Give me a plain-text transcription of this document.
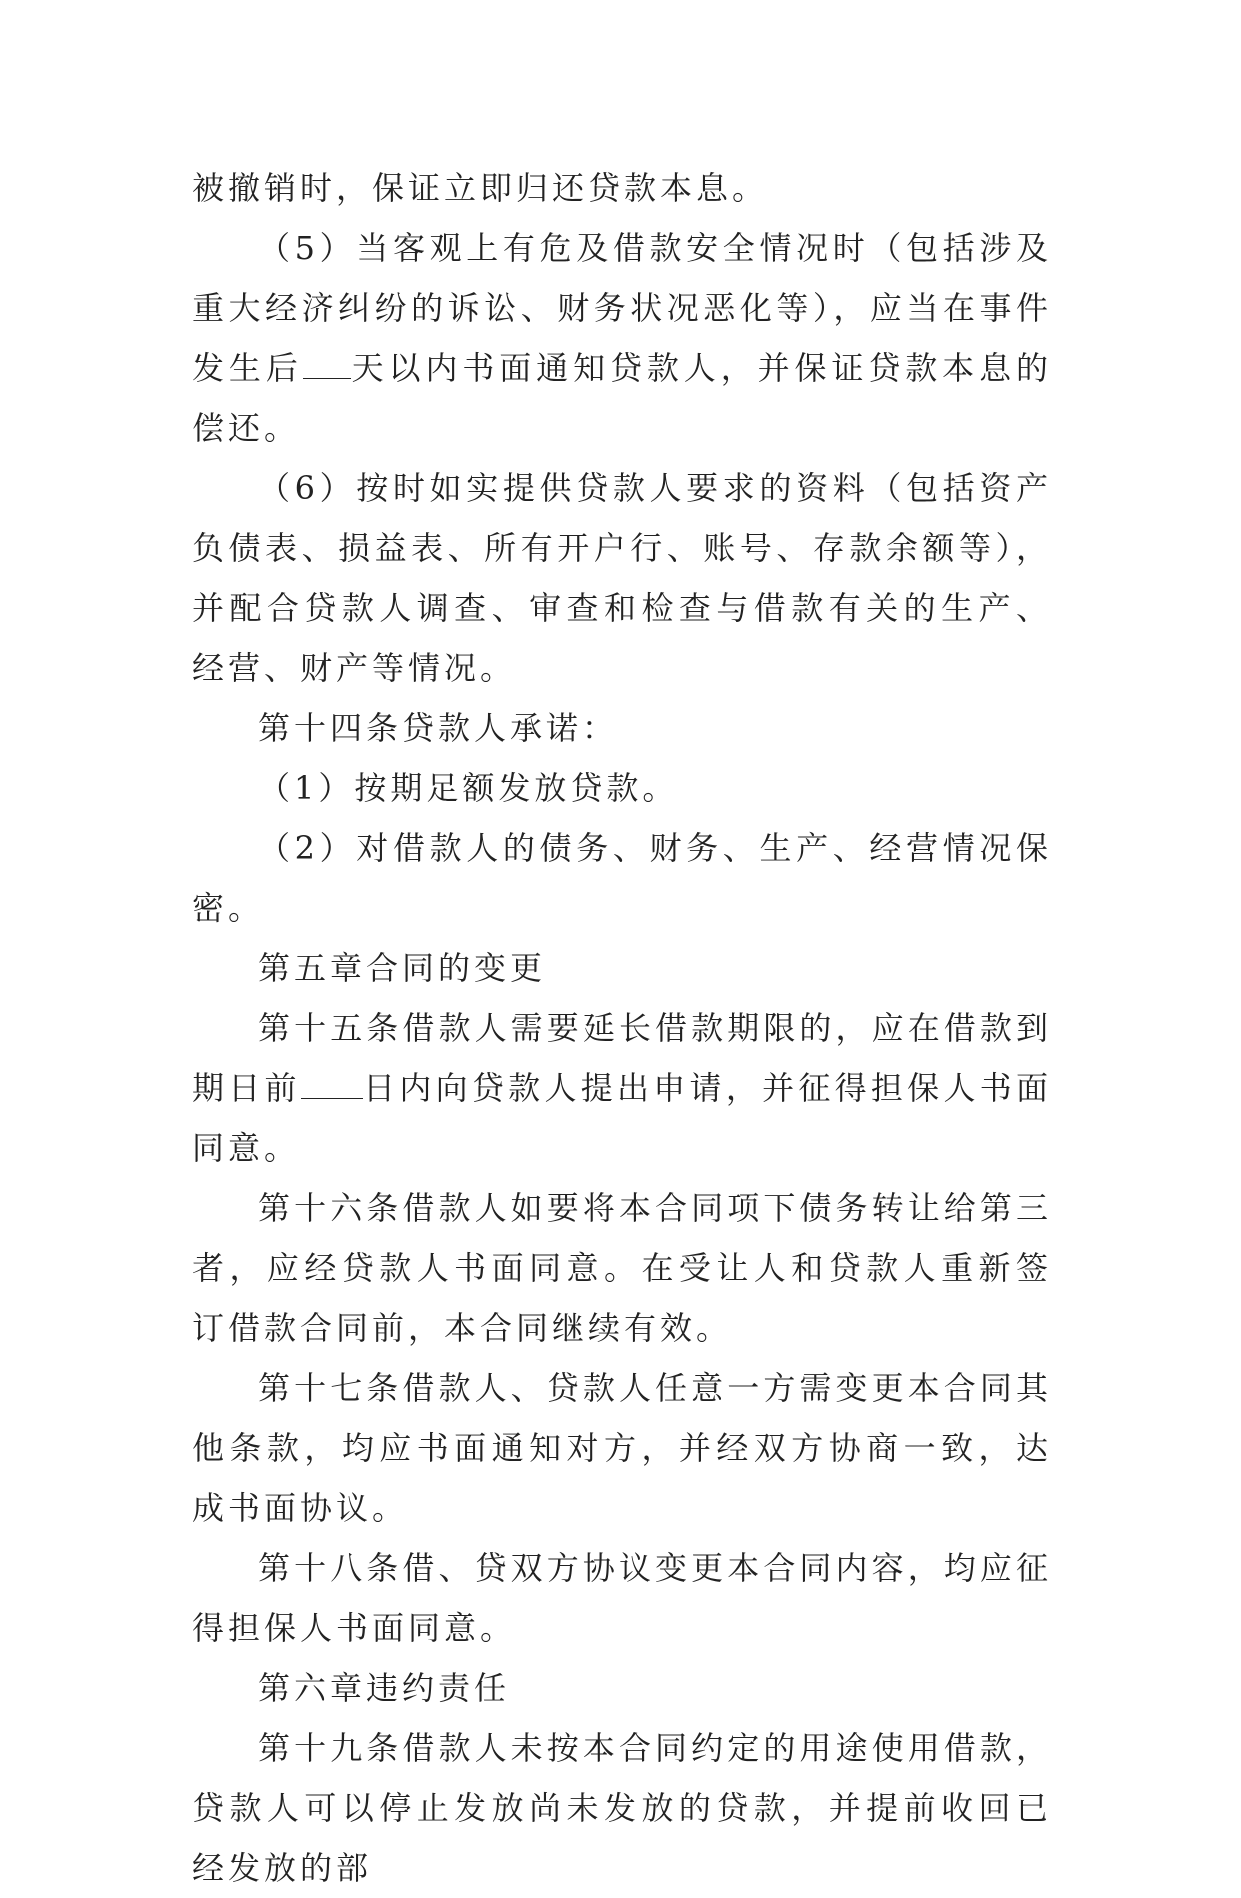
被撤销时，保证立即归还贷款本息。

（5）当客观上有危及借款安全情况时（包括涉及重大经济纠纷的诉讼、财务状况恶化等），应当在事件发生后 天以内书面通知贷款人，并保证贷款本息的偿还。

（6）按时如实提供贷款人要求的资料（包括资产负债表、损益表、所有开户行、账号、存款余额等），并配合贷款人调查、审查和检查与借款有关的生产、经营、财产等情况。

第十四条贷款人承诺：

（1）按期足额发放贷款。

（2）对借款人的债务、财务、生产、经营情况保密。

第五章合同的变更

第十五条借款人需要延长借款期限的，应在借款到期日前 日内向贷款人提出申请，并征得担保人书面同意。

第十六条借款人如要将本合同项下债务转让给第三者，应经贷款人书面同意。在受让人和贷款人重新签订借款合同前，本合同继续有效。

第十七条借款人、贷款人任意一方需变更本合同其他条款，均应书面通知对方，并经双方协商一致，达成书面协议。

第十八条借、贷双方协议变更本合同内容，均应征得担保人书面同意。

第六章违约责任

第十九条借款人未按本合同约定的用途使用借款，贷款人可以停止发放尚未发放的贷款，并提前收回已经发放的部
